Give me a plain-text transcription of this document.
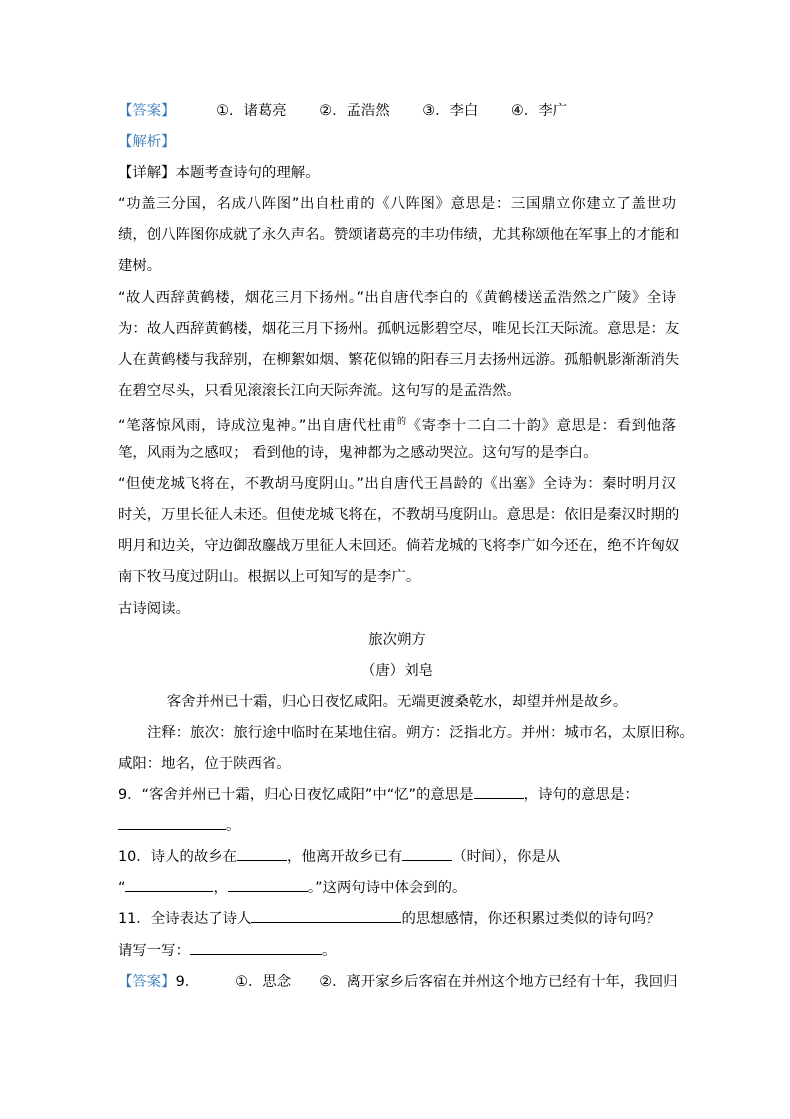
【答案】	①．诸葛亮 ②．孟浩然 ③．李白 ④．李广
【解析】
【详解】本题考查诗句的理解。
“功盖三分国，名成八阵图”出自杜甫的《八阵图》意思是：三国鼎立你建立了盖世功
绩，创八阵图你成就了永久声名。赞颂诸葛亮的丰功伟绩，尤其称颂他在军事上的才能和
建树。
“故人西辞黄鹤楼，烟花三月下扬州。”出自唐代李白的《黄鹤楼送孟浩然之广陵》全诗
为：故人西辞黄鹤楼，烟花三月下扬州。孤帆远影碧空尽，唯见长江天际流。意思是：友
人在黄鹤楼与我辞别，在柳絮如烟、繁花似锦的阳春三月去扬州远游。孤船帆影渐渐消失
在碧空尽头，只看见滚滚长江向天际奔流。这句写的是孟浩然。
“笔落惊风雨，诗成泣鬼神。”出自唐代杜甫$^的$《寄李十二白二十韵》意思是：看到他落
笔，风雨为之感叹； 看到他的诗，鬼神都为之感动哭泣。这句写的是李白。
“但使龙城飞将在，不教胡马度阴山。”出自唐代王昌龄的《出塞》全诗为：秦时明月汉
时关，万里长征人未还。但使龙城飞将在，不教胡马度阴山。意思是：依旧是秦汉时期的
明月和边关，守边御敌鏖战万里征人未回还。倘若龙城的飞将李广如今还在，绝不许匈奴
南下牧马度过阴山。根据以上可知写的是李广。
古诗阅读。
旅次朔方
（唐）刘皂
客舍并州已十霜，归心日夜忆咸阳。无端更渡桑乾水，却望并州是故乡。
注释：旅次：旅行途中临时在某地住宿。朔方：泛指北方。并州：城市名，太原旧称。
咸阳：地名，位于陕西省。
9．“客舍并州已十霜，归心日夜忆咸阳”中“忆”的意思是	，诗句的意思是：
。
10．诗人的故乡在	，他离开故乡已有	（时间），你是从
“	，	。”这两句诗中体会到的。
11．全诗表达了诗人	的思想感情，你还积累过类似的诗句吗？
请写一写：	。
【答案】9．	①．思念 ②．离开家乡后客宿在并州这个地方已经有十年，我回归
